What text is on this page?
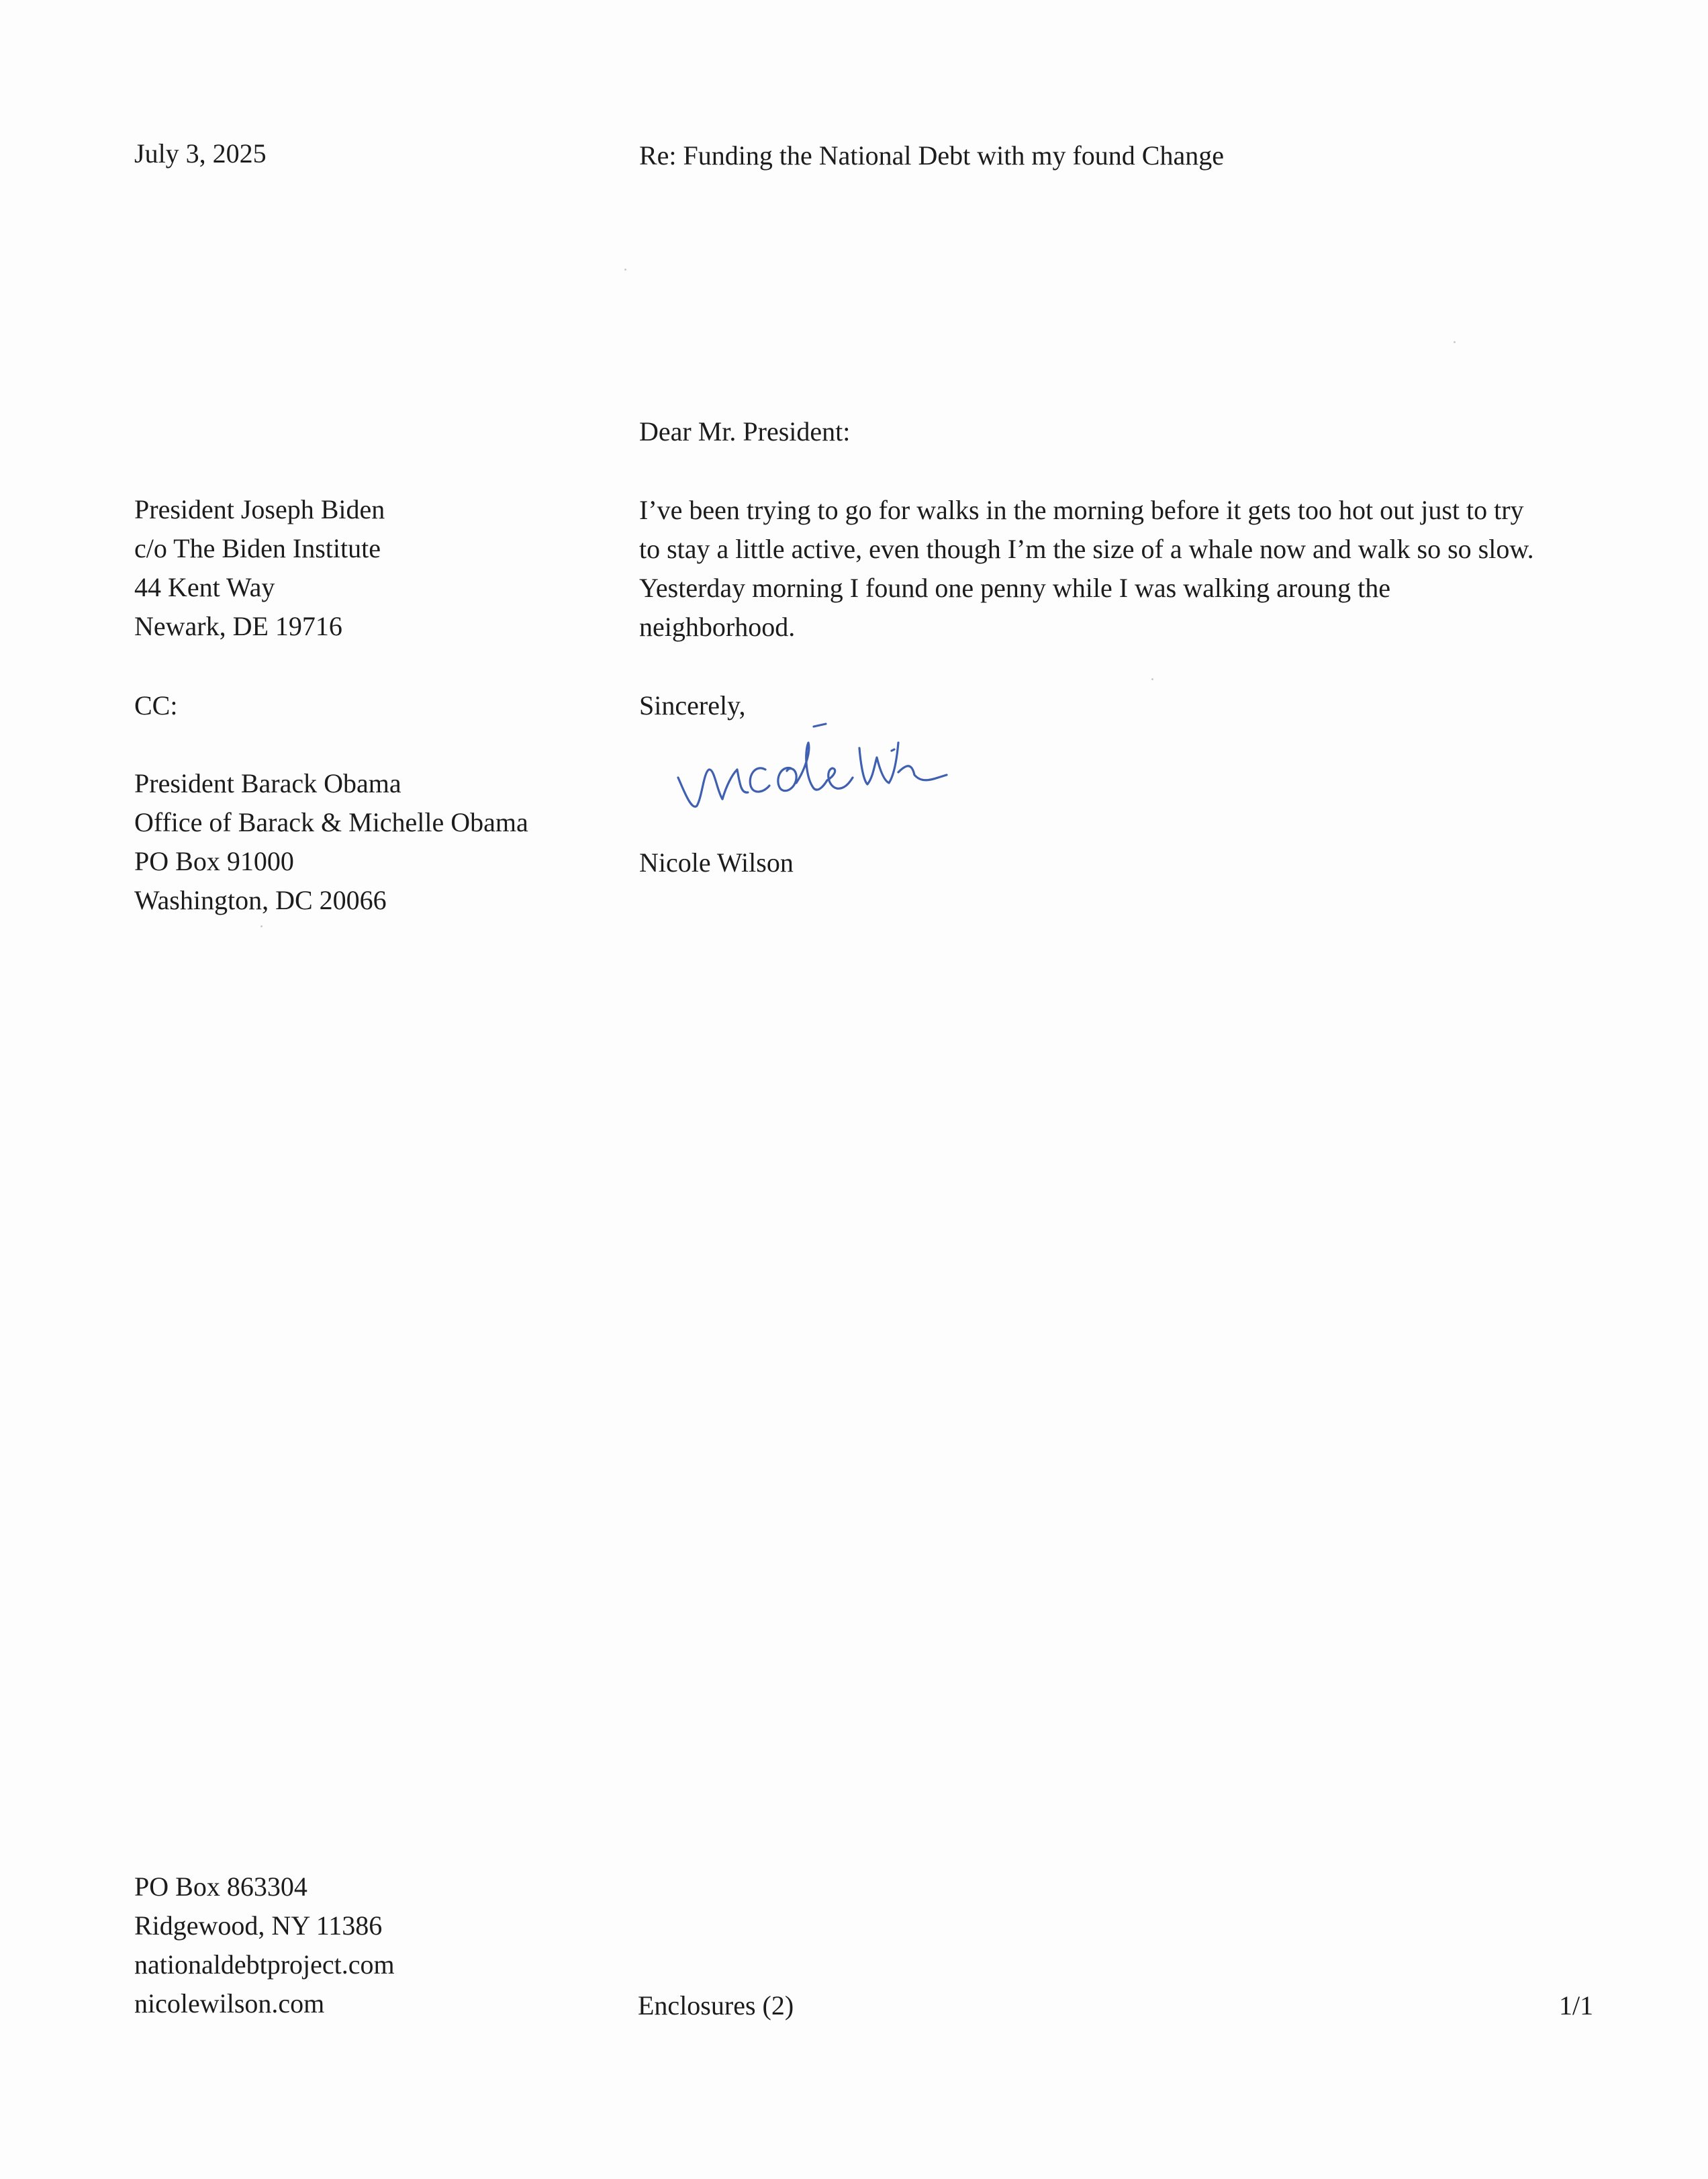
July 3, 2025	Re: Funding the National Debt with my found Change

Dear Mr. President:

President Joseph Biden
c/o The Biden Institute
44 Kent Way
Newark, DE 19716

I’ve been trying to go for walks in the morning before it gets too hot out just to try to stay a little active, even though I’m the size of a whale now and walk so so slow. Yesterday morning I found one penny while I was walking aroung the neighborhood.

CC:	Sincerely,

President Barack Obama
Office of Barack & Michelle Obama
PO Box 91000
Washington, DC 20066

Nicole Wilson

PO Box 863304
Ridgewood, NY 11386
nationaldebtproject.com
nicolewilson.com	Enclosures (2)	1/1
